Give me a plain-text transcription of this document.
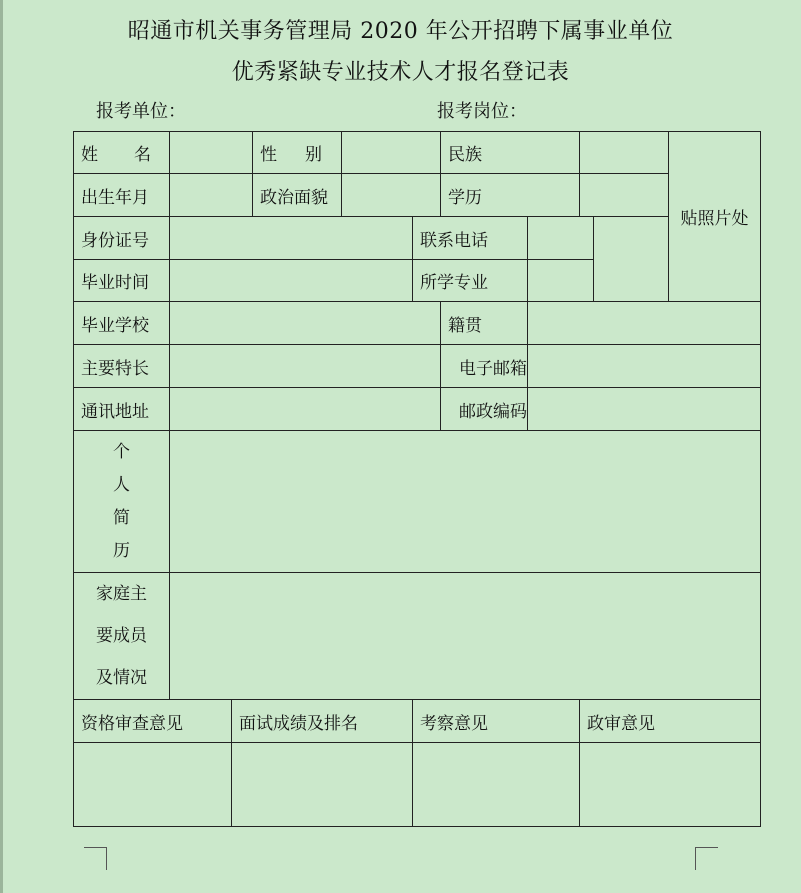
昭通市机关事务管理局 2020 年公开招聘下属事业单位
优秀紧缺专业技术人才报名登记表
报考单位：	报考岗位：
姓 名			性 别			民族			贴照片处
出生年月			政治面貌			学历			
身份证号					联系电话				
毕业时间					所学专业				
毕业学校						籍贯			
主要特长						电子邮箱			
通讯地址						邮政编码			

个
人
简
历									

家庭主
要成员
及情况									

资格审查意见		面试成绩及排名			考察意见			政审意见	
